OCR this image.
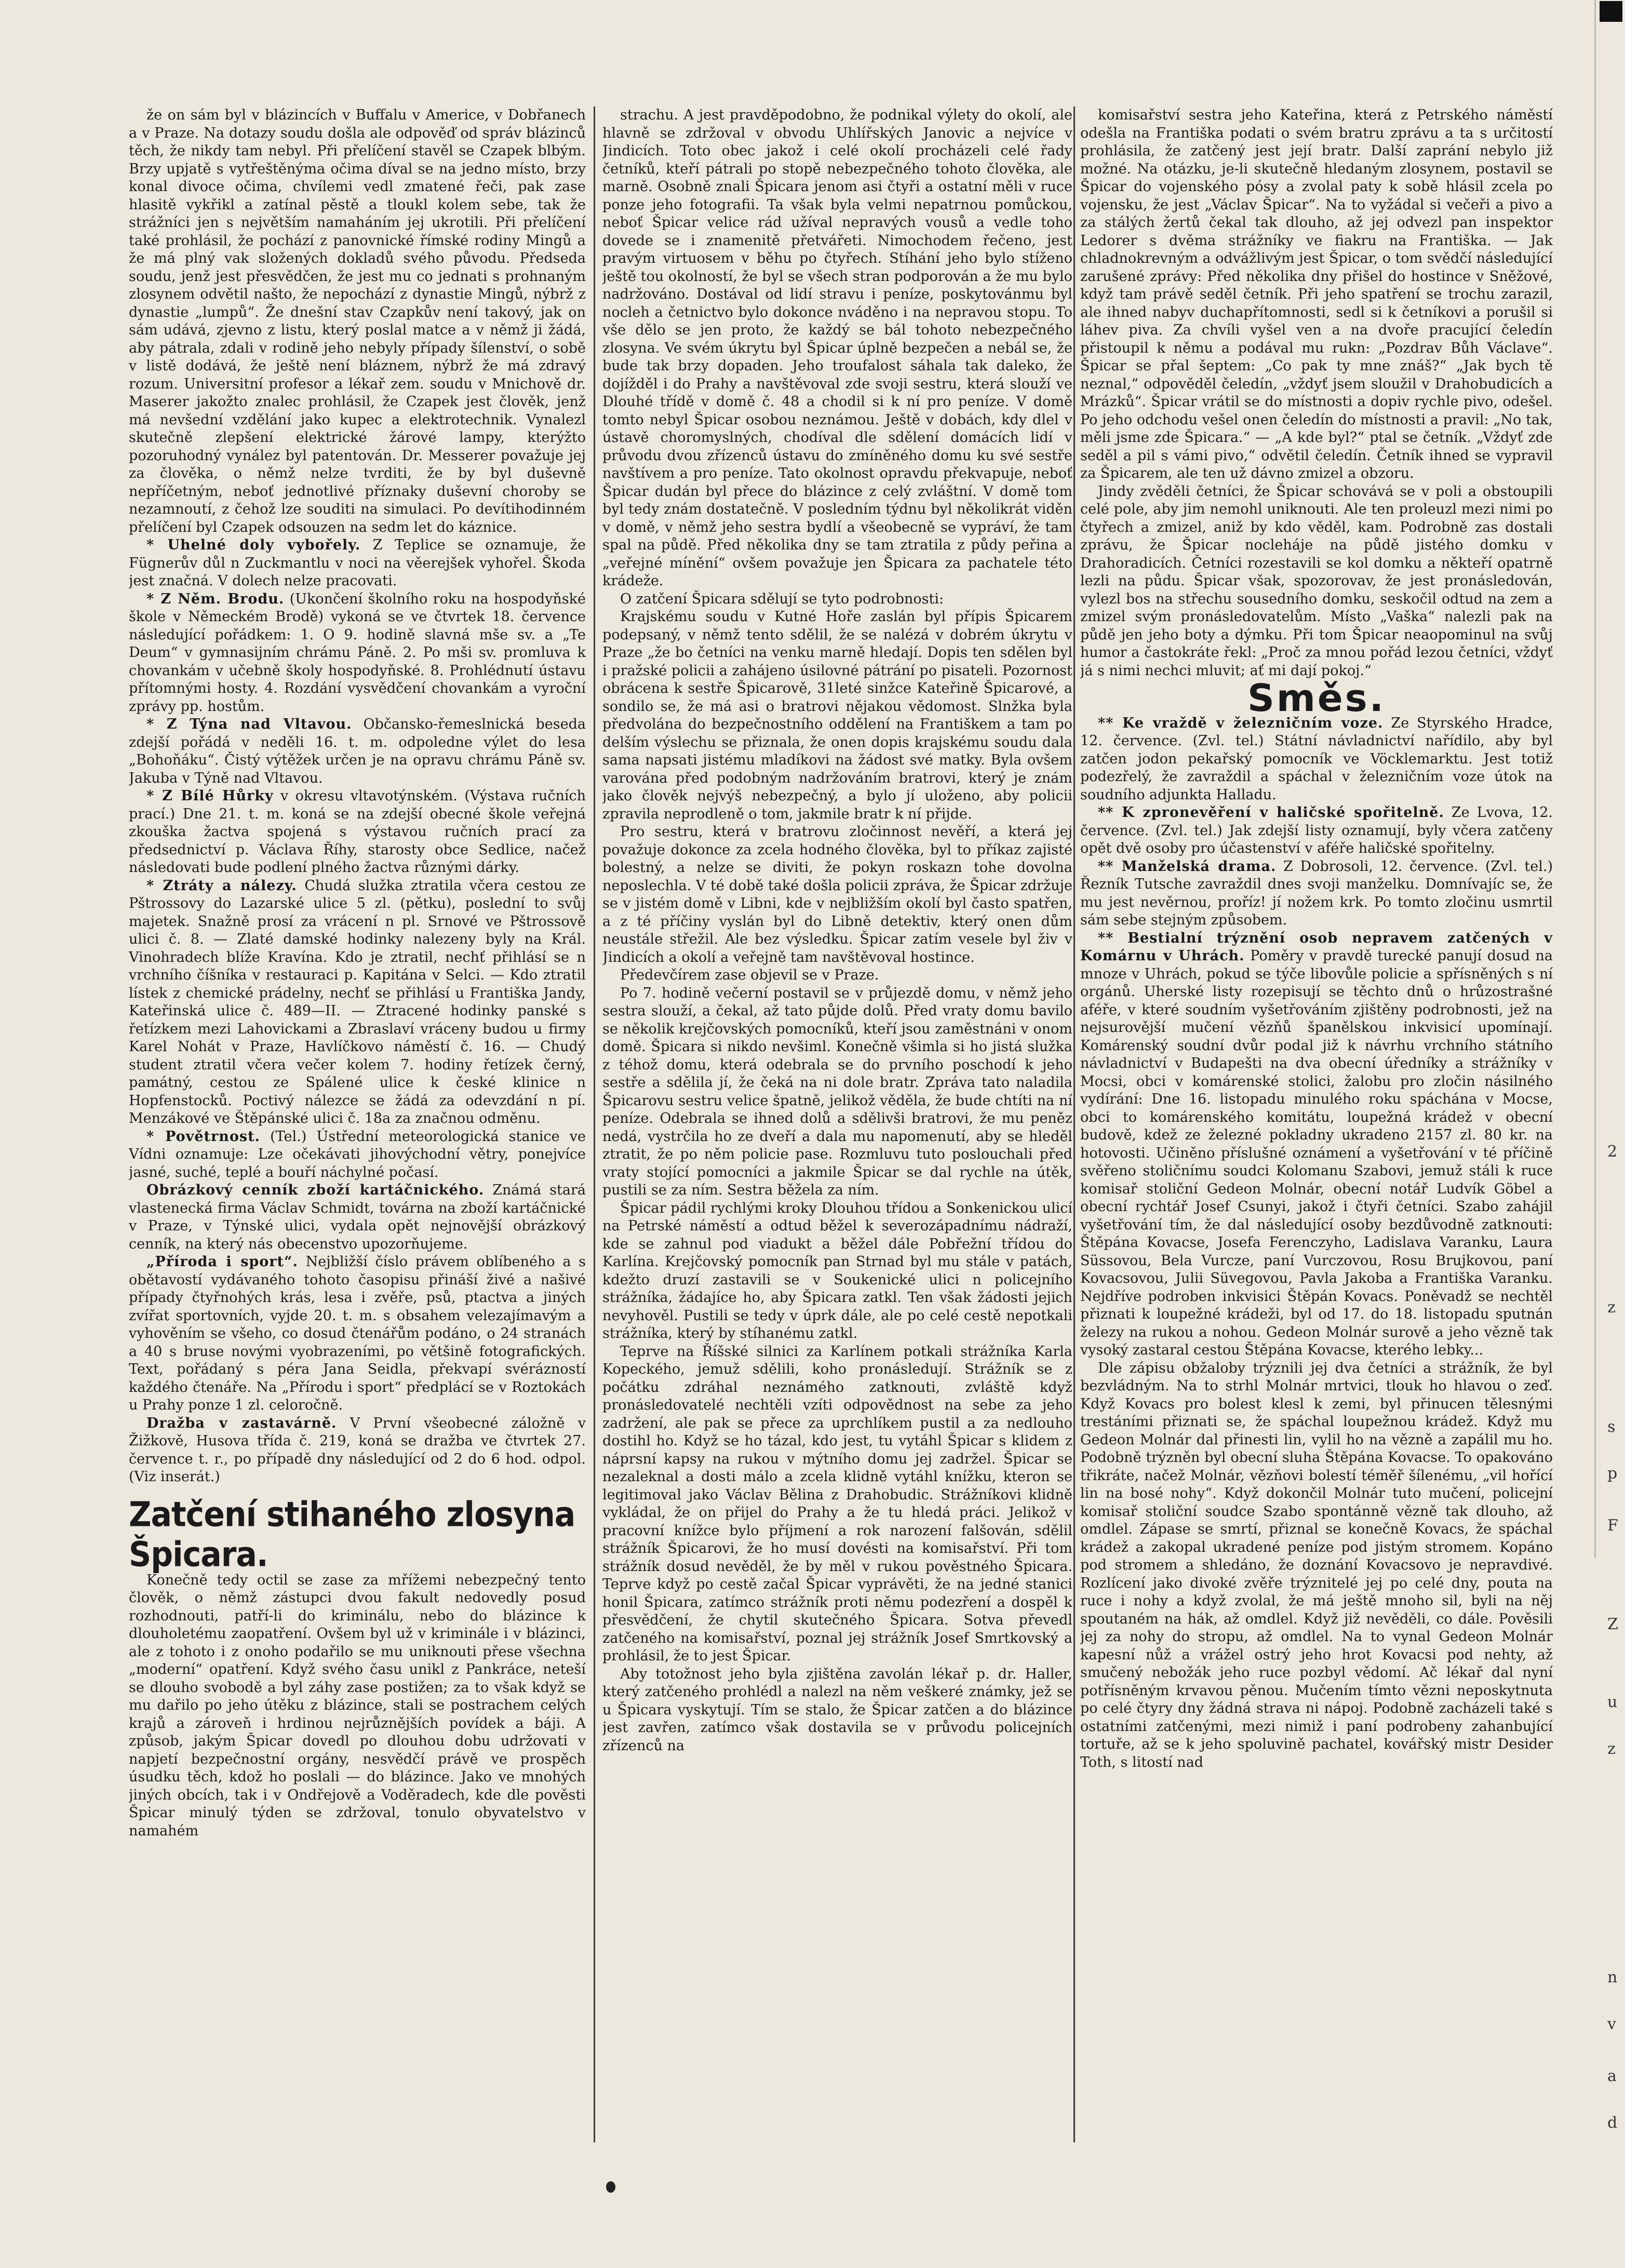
že on sám byl v blázincích v Buffalu v Americe, v Dobřanech a v Praze. Na dotazy soudu došla ale odpověď od správ blázinců těch, že nikdy tam nebyl. Při přelíčení stavěl se Czapek blbým. Brzy upjatě s vytřeštěnýma očima díval se na jedno místo, brzy konal divoce očima, chvílemi vedl zmatené řeči, pak zase hlasitě vykřikl a zatínal pěstě a tloukl kolem sebe, tak že strážníci jen s největším namaháním jej ukrotili. Při přelíčení také prohlásil, že pochází z panovnické římské rodiny Mingů a že má plný vak složených dokladů svého původu. Předseda soudu, jenž jest přesvědčen, že jest mu co jednati s prohnaným zlosynem odvětil našto, že nepochází z dynastie Mingů, nýbrž z dynastie „lumpů“. Že dnešní stav Czapkův není takový, jak on sám udává, zjevno z listu, který poslal matce a v němž ji žádá, aby pátrala, zdali v rodině jeho nebyly případy šílenství, o sobě v listě dodává, že ještě není bláznem, nýbrž že má zdravý rozum. Universitní profesor a lékař zem. soudu v Mnichově dr. Maserer jakožto znalec prohlásil, že Czapek jest člověk, jenž má nevšední vzdělání jako kupec a elektrotechnik. Vynalezl skutečně zlepšení elektrické žárové lampy, kterýžto pozoruhodný vynález byl patentován. Dr. Messerer považuje jej za člověka, o němž nelze tvrditi, že by byl duševně nepříčetným, neboť jednotlivé příznaky duševní choroby se nezamnoutí, z čehož lze souditi na simulaci. Po devítihodinném přelíčení byl Czapek odsouzen na sedm let do káznice.

* Uhelné doly vybořely. Z Teplice se oznamuje, že Fügnerův důl n Zuckmantlu v noci na věerejšek vyhořel. Škoda jest značná. V dolech nelze pracovati.

* Z Něm. Brodu. (Ukončení školního roku na hospodyňské škole v Německém Brodě) vykoná se ve čtvrtek 18. července následující pořádkem: 1. O 9. hodině slavná mše sv. a „Te Deum“ v gymnasijním chrámu Páně. 2. Po mši sv. promluva k chovankám v učebně školy hospodyňské. 8. Prohlédnutí ústavu přítomnými hosty. 4. Rozdání vysvědčení chovankám a vyroční zprávy pp. hostům.

* Z Týna nad Vltavou. Občansko-řemeslnická beseda zdejší pořádá v neděli 16. t. m. odpoledne výlet do lesa „Bohoňáku“. Čistý výtěžek určen je na opravu chrámu Páně sv. Jakuba v Týně nad Vltavou.

* Z Bílé Hůrky v okresu vltavotýnském. (Výstava ručních prací.) Dne 21. t. m. koná se na zdejší obecné škole veřejná zkouška žactva spojená s výstavou ručních prací za předsednictví p. Václava Říhy, starosty obce Sedlice, načež následovati bude podlení plného žactva různými dárky.

* Ztráty a nálezy. Chudá služka ztratila včera cestou ze Pštrossovy do Lazarské ulice 5 zl. (pětku), poslední to svůj majetek. Snažně prosí za vrácení n pl. Srnové ve Pštrossově ulici č. 8. — Zlaté damské hodinky nalezeny byly na Král. Vinohradech blíže Kravína. Kdo je ztratil, nechť přihlásí se n vrchního číšníka v restauraci p. Kapitána v Selci. — Kdo ztratil lístek z chemické prádelny, nechť se přihlásí u Františka Jandy, Kateřinská ulice č. 489—II. — Ztracené hodinky panské s řetízkem mezi Lahovickami a Zbraslaví vráceny budou u firmy Karel Nohát v Praze, Havlíčkovo náměstí č. 16. — Chudý student ztratil včera večer kolem 7. hodiny řetízek černý, památný, cestou ze Spálené ulice k české klinice n Hopfenstocků. Poctivý nálezce se žádá za odevzdání n pí. Menzákové ve Štěpánské ulici č. 18a za značnou odměnu.

* Povětrnost. (Tel.) Ústřední meteorologická stanice ve Vídni oznamuje: Lze očekávati jihovýchodní větry, ponejvíce jasné, suché, teplé a bouří náchylné počasí.

Obrázkový cenník zboží kartáčnického. Známá stará vlastenecká firma Václav Schmidt, továrna na zboží kartáčnické v Praze, v Týnské ulici, vydala opět nejnovější obrázkový cenník, na který nás obecenstvo upozorňujeme.

„Příroda i sport“. Nejbližší číslo právem oblíbeného a s obětavostí vydávaného tohoto časopisu přináší živé a našivé případy čtyřnohých krás, lesa i zvěře, psů, ptactva a jiných zvířat sportovních, vyjde 20. t. m. s obsahem velezajímavým a vyhověním se všeho, co dosud čtenářům podáno, o 24 stranách a 40 s bruse novými vyobrazeními, po většině fotografických. Text, pořádaný s péra Jana Seidla, překvapí svérázností každého čtenáře. Na „Přírodu i sport“ předplácí se v Roztokách u Prahy ponze 1 zl. celoročně.

Dražba v zastavárně. V První všeobecné záložně v Žižkově, Husova třída č. 219, koná se dražba ve čtvrtek 27. července t. r., po případě dny následující od 2 do 6 hod. odpol. (Viz inserát.)

Zatčení stihaného zlosyna Špicara.

Konečně tedy octil se zase za mřížemi nebezpečný tento člověk, o němž zástupci dvou fakult nedovedly posud rozhodnouti, patří-li do kriminálu, nebo do blázince k dlouholetému zaopatření. Ovšem byl už v kriminále i v blázinci, ale z tohoto i z onoho podařilo se mu uniknouti přese všechna „moderní“ opatření. Když svého času unikl z Pankráce, neteší se dlouho svobodě a byl záhy zase postižen; za to však když se mu dařilo po jeho útěku z blázince, stali se postrachem celých krajů a zároveň i hrdinou nejrůznějších povídek a báji. A způsob, jakým Špicar dovedl po dlouhou dobu udržovati v napjetí bezpečnostní orgány, nesvědčí právě ve prospěch úsudku těch, kdož ho poslali — do blázince. Jako ve mnohých jiných obcích, tak i v Ondřejově a Voděradech, kde dle pověsti Špicar minulý týden se zdržoval, tonulo obyvatelstvo v namahém

strachu. A jest pravděpodobno, že podnikal výlety do okolí, ale hlavně se zdržoval v obvodu Uhlířských Janovic a nejvíce v Jindicích. Toto obec jakož i celé okolí procházeli celé řady četníků, kteří pátrali po stopě nebezpečného tohoto člověka, ale marně. Osobně znali Špicara jenom asi čtyři a ostatní měli v ruce ponze jeho fotografii. Ta však byla velmi nepatrnou pomůckou, neboť Špicar velice rád užíval nepravých vousů a vedle toho dovede se i znamenitě přetvářeti. Nimochodem řečeno, jest pravým virtuosem v běhu po čtyřech. Stíhání jeho bylo stíženo ještě tou okolností, že byl se všech stran podporován a že mu bylo nadržováno. Dostával od lidí stravu i peníze, poskytovánmu byl nocleh a četnictvo bylo dokonce nváděno i na nepravou stopu. To vše dělo se jen proto, že každý se bál tohoto nebezpečného zlosyna. Ve svém úkrytu byl Špicar úplně bezpečen a nebál se, že bude tak brzy dopaden. Jeho troufalost sáhala tak daleko, že dojížděl i do Prahy a navštěvoval zde svoji sestru, která slouží ve Dlouhé třídě v domě č. 48 a chodil si k ní pro peníze. V domě tomto nebyl Špicar osobou neznámou. Ještě v dobách, kdy dlel v ústavě choromyslných, chodíval dle sdělení domácích lidí v průvodu dvou zřízenců ústavu do zmíněného domu ku své sestře navštívem a pro peníze. Tato okolnost opravdu překvapuje, neboť Špicar dudán byl přece do blázince z celý zvláštní. V domě tom byl tedy znám dostatečně. V posledním týdnu byl několikrát viděn v domě, v němž jeho sestra bydlí a všeobecně se vypráví, že tam spal na půdě. Před několika dny se tam ztratila z půdy peřina a „veřejné mínění“ ovšem považuje jen Špicara za pachatele této krádeže.

O zatčení Špicara sdělují se tyto podrobnosti:

Krajskému soudu v Kutné Hoře zaslán byl přípis Špicarem podepsaný, v němž tento sdělil, že se nalézá v dobrém úkrytu v Praze „že bo četníci na venku marně hledají. Dopis ten sdělen byl i pražské policii a zahájeno úsilovné pátrání po pisateli. Pozornost obrácena k sestře Špicarově, 31leté sinžce Kateřině Špicarové, a sondilo se, že má asi o bratrovi nějakou vědomost. Slnžka byla předvolána do bezpečnostního oddělení na Františkem a tam po delším výslechu se přiznala, že onen dopis krajskému soudu dala sama napsati jistému mladíkovi na žádost své matky. Byla ovšem varována před podobným nadržováním bratrovi, který je znám jako člověk nejvýš nebezpečný, a bylo jí uloženo, aby policii zpravila neprodleně o tom, jakmile bratr k ní přijde.

Pro sestru, která v bratrovu zločinnost nevěří, a která jej považuje dokonce za zcela hodného člověka, byl to příkaz zajisté bolestný, a nelze se diviti, že pokyn roskazn tohe dovolna neposlechla. V té době také došla policii zpráva, že Špicar zdržuje se v jistém domě v Libni, kde v nejbližším okolí byl často spatřen, a z té příčiny vyslán byl do Libně detektiv, který onen dům neustále střežil. Ale bez výsledku. Špicar zatím vesele byl živ v Jindicích a okolí a veřejně tam navštěvoval hostince.

Předevčírem zase objevil se v Praze.

Po 7. hodině večerní postavil se v průjezdě domu, v němž jeho sestra slouží, a čekal, až tato půjde dolů. Před vraty domu bavilo se několik krejčovských pomocníků, kteří jsou zaměstnáni v onom domě. Špicara si nikdo nevšiml. Konečně všimla si ho jistá služka z téhož domu, která odebrala se do prvního poschodí k jeho sestře a sdělila jí, že čeká na ni dole bratr. Zpráva tato naladila Špicarovu sestru velice špatně, jelikož věděla, že bude chtíti na ní peníze. Odebrala se ihned dolů a sdělivši bratrovi, že mu peněz nedá, vystrčila ho ze dveří a dala mu napomenutí, aby se hleděl ztratit, že po něm policie pase. Rozmluvu tuto poslouchali před vraty stojící pomocníci a jakmile Špicar se dal rychle na útěk, pustili se za ním. Sestra běžela za ním.

Špicar pádil rychlými kroky Dlouhou třídou a Sonkenickou ulicí na Petrské náměstí a odtud běžel k severozápadnímu nádraží, kde se zahnul pod viadukt a běžel dále Pobřežní třídou do Karlína. Krejčovský pomocník pan Strnad byl mu stále v patách, kdežto druzí zastavili se v Soukenické ulici n policejního strážníka, žádajíce ho, aby Špicara zatkl. Ten však žádosti jejich nevyhověl. Pustili se tedy v úprk dále, ale po celé cestě nepotkali strážníka, který by stíhanému zatkl.

Teprve na Říšské silnici za Karlínem potkali strážníka Karla Kopeckého, jemuž sdělili, koho pronásledují. Strážník se z počátku zdráhal neznámého zatknouti, zvláště když pronásledovatelé nechtěli vzíti odpovědnost na sebe za jeho zadržení, ale pak se přece za uprchlíkem pustil a za nedlouho dostihl ho. Když se ho tázal, kdo jest, tu vytáhl Špicar s klidem z náprsní kapsy na rukou v mýtního domu jej zadržel. Špicar se nezaleknal a dosti málo a zcela klidně vytáhl knížku, kteron se legitimoval jako Václav Bělina z Drahobudic. Strážníkovi klidně vykládal, že on přijel do Prahy a že tu hledá práci. Jelikož v pracovní knížce bylo příjmení a rok narození falšován, sdělil strážník Špicarovi, že ho musí dovésti na komisařství. Při tom strážník dosud nevěděl, že by měl v rukou pověstného Špicara. Teprve když po cestě začal Špicar vyprávěti, že na jedné stanici honil Špicara, zatímco strážník proti němu podezření a dospěl k přesvědčení, že chytil skutečného Špicara. Sotva převedl zatčeného na komisařství, poznal jej strážník Josef Smrtkovský a prohlásil, že to jest Špicar.

Aby totožnost jeho byla zjištěna zavolán lékař p. dr. Haller, který zatčeného prohlédl a nalezl na něm veškeré známky, jež se u Špicara vyskytují. Tím se stalo, že Špicar zatčen a do blázince jest zavřen, zatímco však dostavila se v průvodu policejních zřízenců na

komisařství sestra jeho Kateřina, která z Petrského náměstí odešla na Františka podati o svém bratru zprávu a ta s určitostí prohlásila, že zatčený jest její bratr. Další zaprání nebylo již možné. Na otázku, je-li skutečně hledaným zlosynem, postavil se Špicar do vojenského pósy a zvolal paty k sobě hlásil zcela po vojensku, že jest „Václav Špicar“. Na to vyžádal si večeři a pivo a za stálých žertů čekal tak dlouho, až jej odvezl pan inspektor Ledorer s dvěma strážníky ve fiakru na Františka. — Jak chladnokrevným a odvážlivým jest Špicar, o tom svědčí následující zarušené zprávy: Před několika dny přišel do hostince v Sněžové, když tam právě seděl četník. Při jeho spatření se trochu zarazil, ale ihned nabyv duchapřítomnosti, sedl si k četníkovi a porušil si láhev piva. Za chvíli vyšel ven a na dvoře pracující čeledín přistoupil k němu a podával mu rukn: „Pozdrav Bůh Václave“. Špicar se přal šeptem: „Co pak ty mne znáš?“ „Jak bych tě neznal,“ odpověděl čeledín, „vždyť jsem sloužil v Drahobudicích a Mrázků“. Špicar vrátil se do místnosti a dopiv rychle pivo, odešel. Po jeho odchodu vešel onen čeledín do místnosti a pravil: „No tak, měli jsme zde Špicara.“ — „A kde byl?“ ptal se četník. „Vždyť zde seděl a pil s vámi pivo,“ odvětil čeledín. Četník ihned se vypravil za Špicarem, ale ten už dávno zmizel a obzoru.

Jindy zvěděli četníci, že Špicar schovává se v poli a obstoupili celé pole, aby jim nemohl uniknouti. Ale ten proleuzl mezi nimi po čtyřech a zmizel, aniž by kdo věděl, kam. Podrobně zas dostali zprávu, že Špicar nocleháje na půdě jistého domku v Drahoradicích. Četníci rozestavili se kol domku a někteří opatrně lezli na půdu. Špicar však, spozorovav, že jest pronásledován, vylezl bos na střechu sousedního domku, seskočil odtud na zem a zmizel svým pronásledovatelům. Místo „Vaška“ nalezli pak na půdě jen jeho boty a dýmku. Při tom Špicar neaopominul na svůj humor a častokráte řekl: „Proč za mnou pořád lezou četníci, vždyť já s nimi nechci mluvit; ať mi dají pokoj.“

Směs.

** Ke vraždě v železničním voze. Ze Styrského Hradce, 12. července. (Zvl. tel.) Státní návladnictví nařídilo, aby byl zatčen jodon pekařský pomocník ve Vöcklemarktu. Jest totiž podezřelý, že zavraždil a spáchal v železničním voze útok na soudního adjunkta Halladu.

** K zpronevěření v haličské spořitelně. Ze Lvova, 12. července. (Zvl. tel.) Jak zdejší listy oznamují, byly včera zatčeny opět dvě osoby pro účastenství v aféře haličské spořitelny.

** Manželská drama. Z Dobrosoli, 12. července. (Zvl. tel.) Řezník Tutsche zavraždil dnes svoji manželku. Domnívajíc se, že mu jest nevěrnou, proříz! jí nožem krk. Po tomto zločinu usmrtil sám sebe stejným způsobem.

** Bestialní trýznění osob nepravem zatčených v Komárnu v Uhrách. Poměry v pravdě turecké panují dosud na mnoze v Uhrách, pokud se týče libovůle policie a spřísněných s ní orgánů. Uherské listy rozepisují se těchto dnů o hrůzostrašné aféře, v které soudním vyšetřováním zjištěny podrobnosti, jež na nejsurovější mučení vězňů španělskou inkvisicí upomínají. Komárenský soudní dvůr podal již k návrhu vrchního státního návladnictví v Budapešti na dva obecní úředníky a strážníky v Mocsi, obci v komárenské stolici, žalobu pro zločin násilného vydírání: Dne 16. listopadu minulého roku spáchána v Mocse, obci to komárenského komitátu, loupežná krádež v obecní budově, kdež ze železné pokladny ukradeno 2157 zl. 80 kr. na hotovosti. Učiněno příslušné oznámení a vyšetřování v té příčině svěřeno stoličnímu soudci Kolomanu Szabovi, jemuž stáli k ruce komisař stoliční Gedeon Molnár, obecní notář Ludvík Göbel a obecní rychtář Josef Csunyi, jakož i čtyři četníci. Szabo zahájil vyšetřování tím, že dal následující osoby bezdůvodně zatknouti: Štěpána Kovacse, Josefa Ferenczyho, Ladislava Varanku, Laura Süssovou, Bela Vurcze, paní Vurczovou, Rosu Brujkovou, paní Kovacsovou, Julii Süvegovou, Pavla Jakoba a Františka Varanku. Nejdříve podroben inkvisici Štěpán Kovacs. Poněvadž se nechtěl přiznati k loupežné krádeži, byl od 17. do 18. listopadu sputnán železy na rukou a nohou. Gedeon Molnár surově a jeho vězně tak vysoký zastaral cestou Štěpána Kovacse, kterého lebky...

Dle zápisu obžaloby trýznili jej dva četníci a strážník, že byl bezvládným. Na to strhl Molnár mrtvici, tlouk ho hlavou o zeď. Když Kovacs pro bolest klesl k zemi, byl přinucen tělesnými trestáními přiznati se, že spáchal loupežnou krádež. Když mu Gedeon Molnár dal přinesti lin, vylil ho na vězně a zapálil mu ho. Podobně trýzněn byl obecní sluha Štěpána Kovacse. To opakováno třikráte, načež Molnár, vězňovi bolestí téměř šílenému, „vil hořící lin na bosé nohy“. Když dokončil Molnár tuto mučení, policejní komisař stoliční soudce Szabo spontánně vězně tak dlouho, až omdlel. Zápase se smrtí, přiznal se konečně Kovacs, že spáchal krádež a zakopal ukradené peníze pod jistým stromem. Kopáno pod stromem a shledáno, že doznání Kovacsovo je nepravdivé. Rozlícení jako divoké zvěře trýznitelé jej po celé dny, pouta na ruce i nohy a když zvolal, že má ještě mnoho sil, byli na něj spoutaném na hák, až omdlel. Když již nevěděli, co dále. Pověsili jej za nohy do stropu, až omdlel. Na to vynal Gedeon Molnár kapesní nůž a vrážel ostrý jeho hrot Kovacsi pod nehty, až smučený nebožák jeho ruce pozbyl vědomí. Ač lékař dal nyní potřísněným krvavou pěnou. Mučením tímto vězni neposkytnuta po celé čtyry dny žádná strava ni nápoj. Podobně zacházeli také s ostatními zatčenými, mezi nimiž i paní podrobeny zahanbující tortuře, až se k jeho spoluvině pachatel, kovářský mistr Desider Toth, s litostí nad

2
z
s
p
F
Z
u
z
n
v
a
d
